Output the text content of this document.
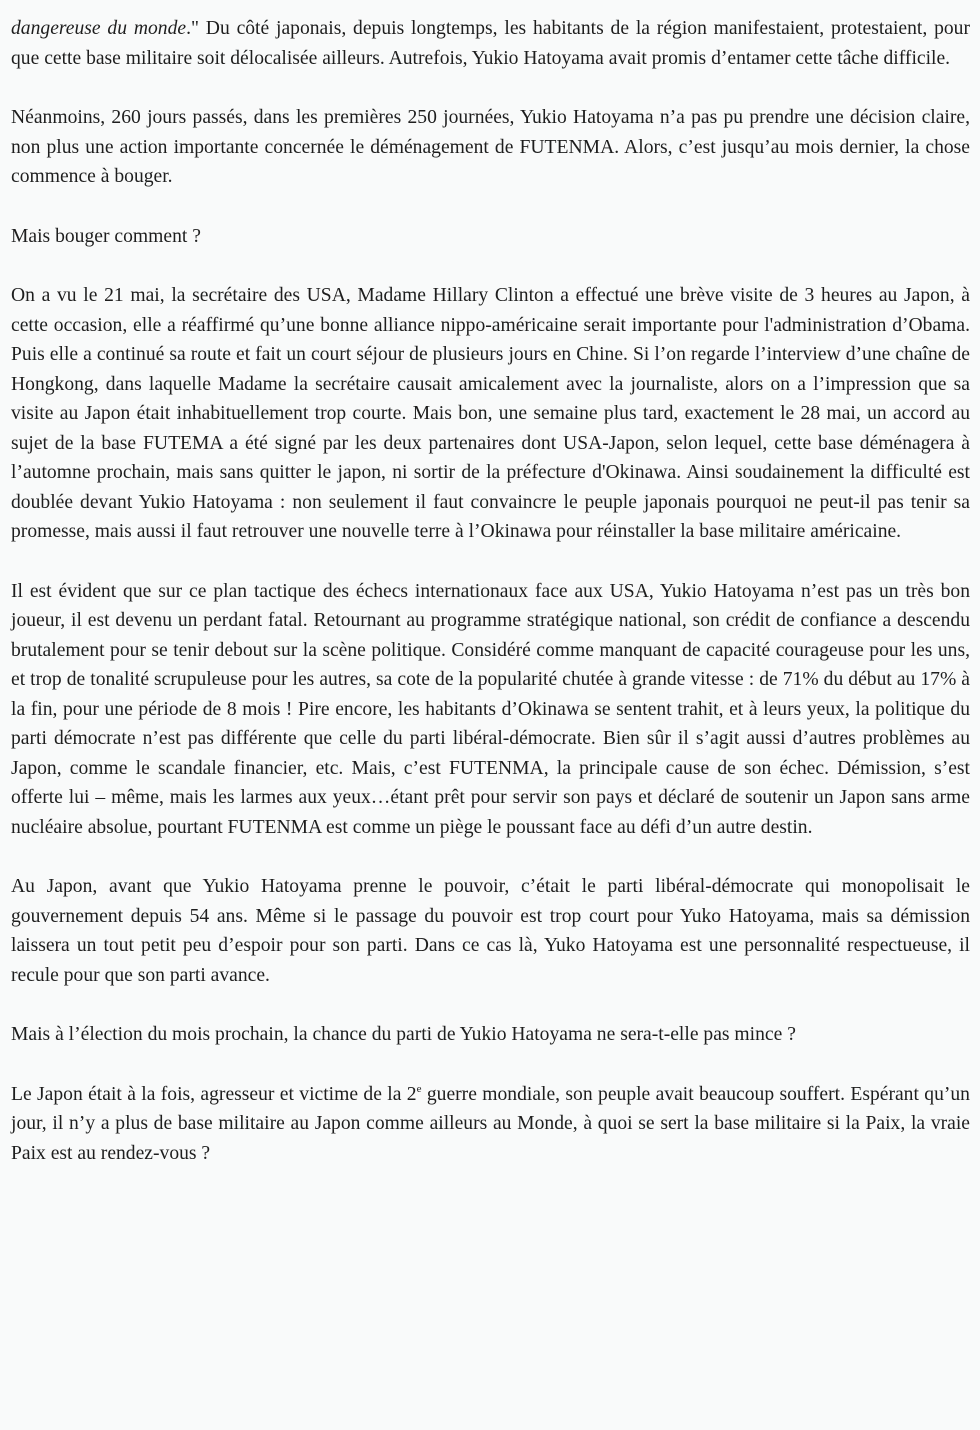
dangereuse du monde." Du côté japonais, depuis longtemps, les habitants de la région manifestaient, protestaient, pour que cette base militaire soit délocalisée ailleurs. Autrefois, Yukio Hatoyama avait promis d’entamer cette tâche difficile.

Néanmoins, 260 jours passés, dans les premières 250 journées, Yukio Hatoyama n’a pas pu prendre une décision claire, non plus une action importante concernée le déménagement de FUTENMA. Alors, c’est jusqu’au mois dernier, la chose commence à bouger.

Mais bouger comment ?

On a vu le 21 mai, la secrétaire des USA, Madame Hillary Clinton a effectué une brève visite de 3 heures au Japon, à cette occasion, elle a réaffirmé qu’une bonne alliance nippo-américaine serait importante pour l'administration d’Obama. Puis elle a continué sa route et fait un court séjour de plusieurs jours en Chine. Si l’on regarde l’interview d’une chaîne de Hongkong, dans laquelle Madame la secrétaire causait amicalement avec la journaliste, alors on a l’impression que sa visite au Japon était inhabituellement trop courte. Mais bon, une semaine plus tard, exactement le 28 mai, un accord au sujet de la base FUTEMA a été signé par les deux partenaires dont USA-Japon, selon lequel, cette base déménagera à l’automne prochain, mais sans quitter le japon, ni sortir de la préfecture d'Okinawa. Ainsi soudainement la difficulté est doublée devant Yukio Hatoyama : non seulement il faut convaincre le peuple japonais pourquoi ne peut-il pas tenir sa promesse, mais aussi il faut retrouver une nouvelle terre à l’Okinawa pour réinstaller la base militaire américaine.

Il est évident que sur ce plan tactique des échecs internationaux face aux USA, Yukio Hatoyama n’est pas un très bon joueur, il est devenu un perdant fatal. Retournant au programme stratégique national, son crédit de confiance a descendu brutalement pour se tenir debout sur la scène politique. Considéré comme manquant de capacité courageuse pour les uns, et trop de tonalité scrupuleuse pour les autres, sa cote de la popularité chutée à grande vitesse : de 71% du début au 17% à la fin, pour une période de 8 mois ! Pire encore, les habitants d’Okinawa se sentent trahit, et à leurs yeux, la politique du parti démocrate n’est pas différente que celle du parti libéral-démocrate. Bien sûr il s’agit aussi d’autres problèmes au Japon, comme le scandale financier, etc. Mais, c’est FUTENMA, la principale cause de son échec. Démission, s’est offerte lui – même, mais les larmes aux yeux…étant prêt pour servir son pays et déclaré de soutenir un Japon sans arme nucléaire absolue, pourtant FUTENMA est comme un piège le poussant face au défi d’un autre destin.

Au Japon, avant que Yukio Hatoyama prenne le pouvoir, c’était le parti libéral-démocrate qui monopolisait le gouvernement depuis 54 ans. Même si le passage du pouvoir est trop court pour Yuko Hatoyama, mais sa démission laissera un tout petit peu d’espoir pour son parti. Dans ce cas là, Yuko Hatoyama est une personnalité respectueuse, il recule pour que son parti avance.

Mais à l’élection du mois prochain, la chance du parti de Yukio Hatoyama ne sera-t-elle pas mince ?

Le Japon était à la fois, agresseur et victime de la 2e guerre mondiale, son peuple avait beaucoup souffert. Espérant qu’un jour, il n’y a plus de base militaire au Japon comme ailleurs au Monde, à quoi se sert la base militaire si la Paix, la vraie Paix est au rendez-vous ?
